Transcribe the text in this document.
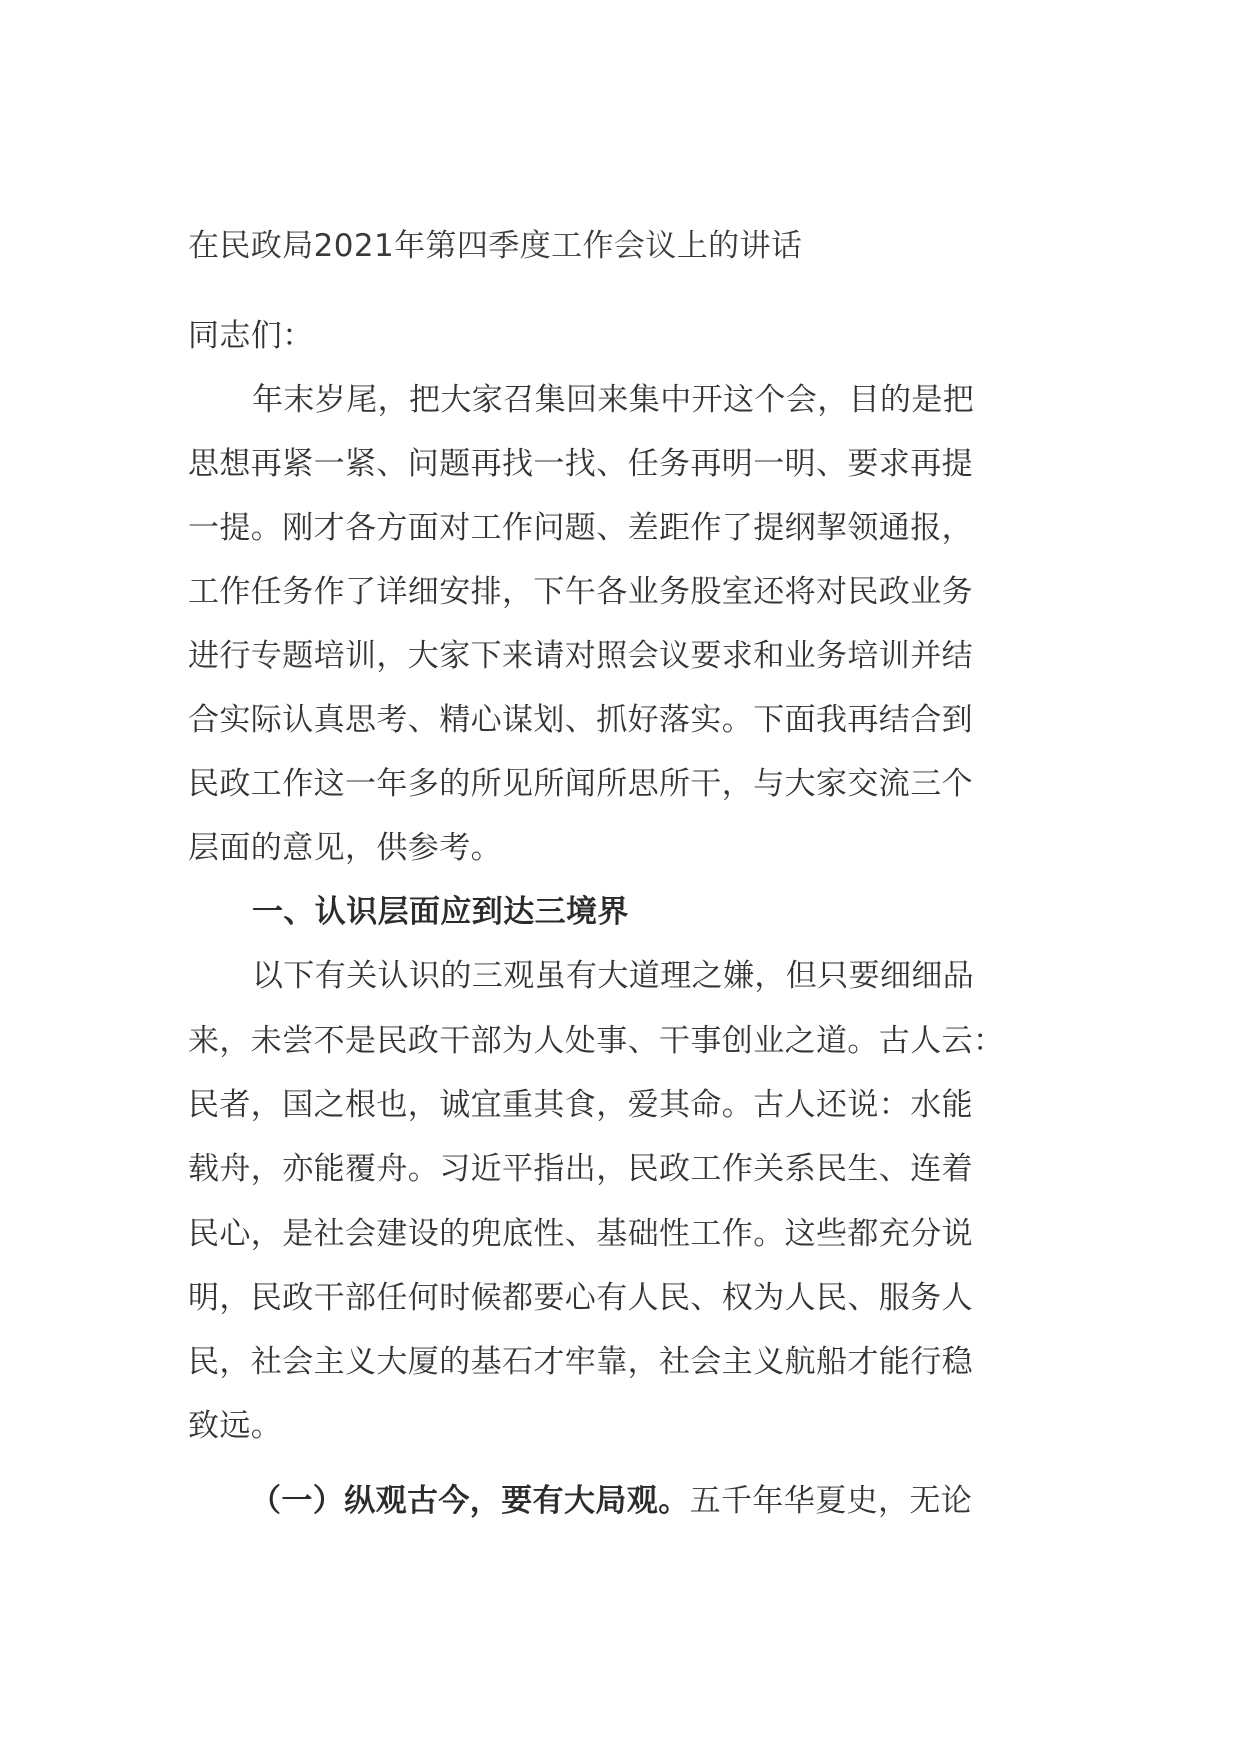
在民政局2021年第四季度工作会议上的讲话
同志们：
年末岁尾，把大家召集回来集中开这个会，目的是把
思想再紧一紧、问题再找一找、任务再明一明、要求再提
一提。刚才各方面对工作问题、差距作了提纲挈领通报，
工作任务作了详细安排，下午各业务股室还将对民政业务
进行专题培训，大家下来请对照会议要求和业务培训并结
合实际认真思考、精心谋划、抓好落实。下面我再结合到
民政工作这一年多的所见所闻所思所干，与大家交流三个
层面的意见，供参考。
一、认识层面应到达三境界
以下有关认识的三观虽有大道理之嫌，但只要细细品
来，未尝不是民政干部为人处事、干事创业之道。古人云：
民者，国之根也，诚宜重其食，爱其命。古人还说：水能
载舟，亦能覆舟。习近平指出，民政工作关系民生、连着
民心，是社会建设的兜底性、基础性工作。这些都充分说
明，民政干部任何时候都要心有人民、权为人民、服务人
民，社会主义大厦的基石才牢靠，社会主义航船才能行稳
致远。
（一）纵观古今，要有大局观。五千年华夏史，无论
